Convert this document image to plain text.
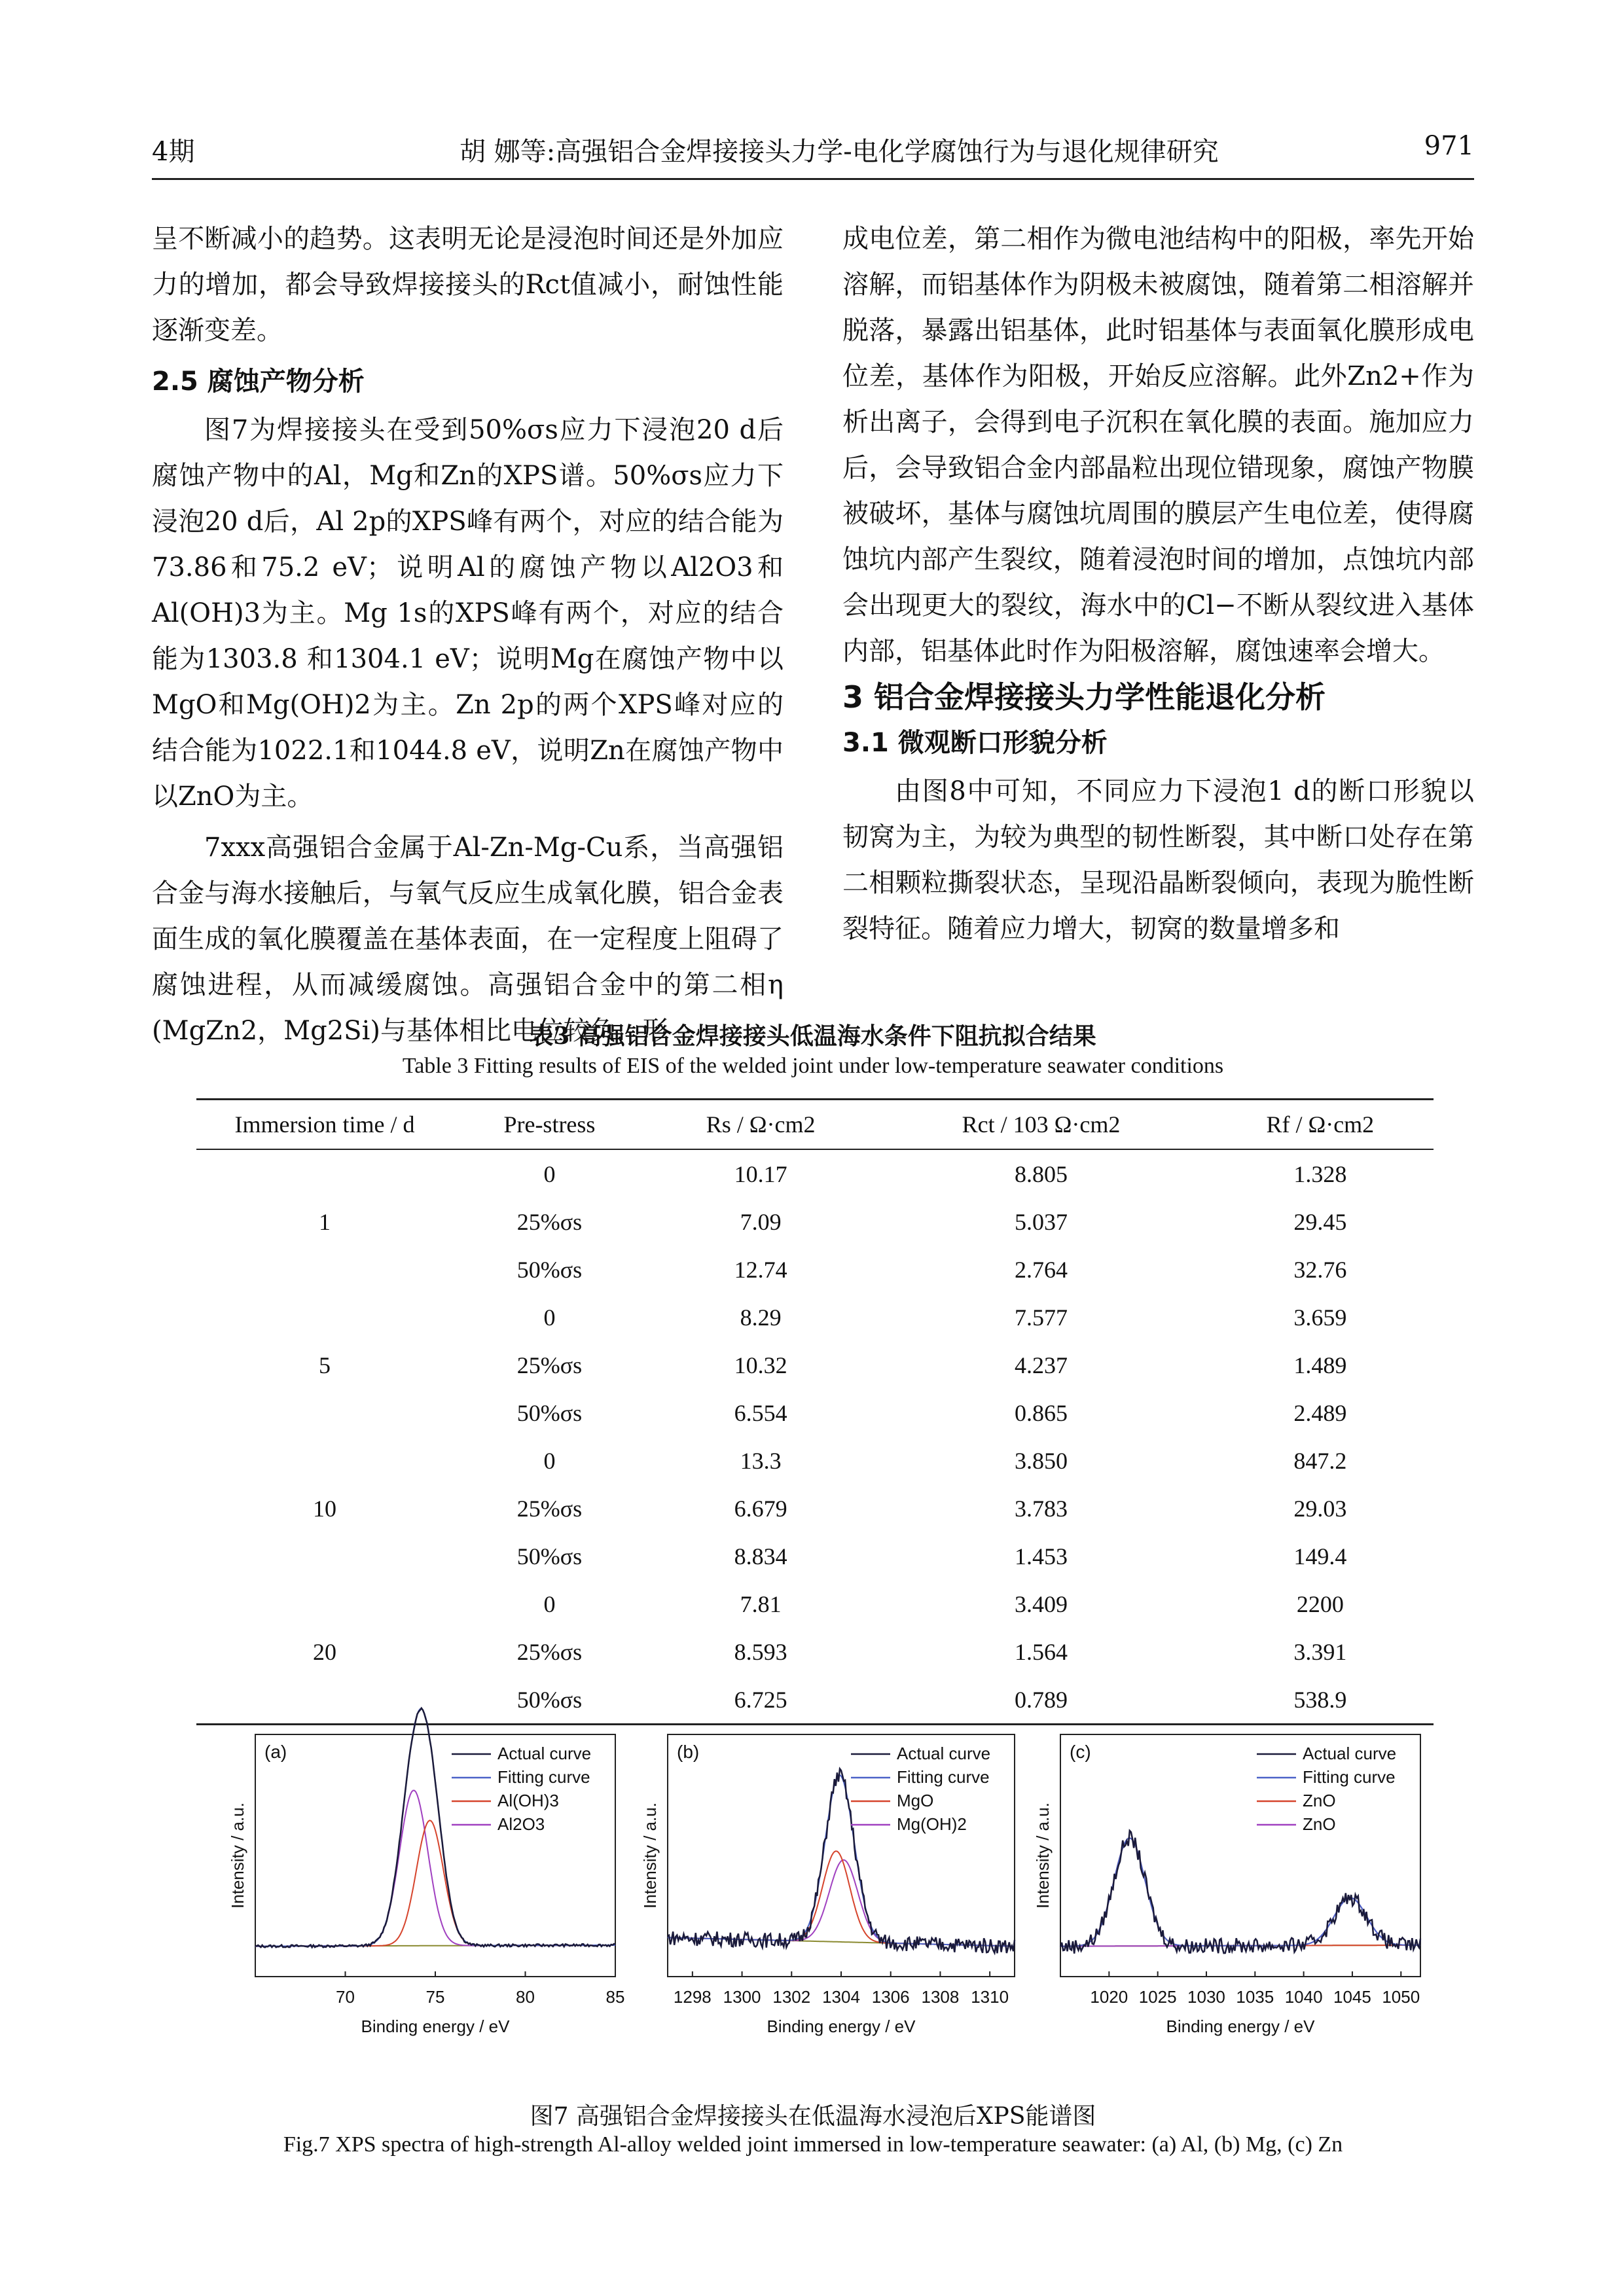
4期	胡 娜等:高强铝合金焊接接头力学-电化学腐蚀行为与退化规律研究	971

呈不断减小的趋势。这表明无论是浸泡时间还是外加应力的增加，都会导致焊接接头的Rct值减小，耐蚀性能逐渐变差。

2.5 腐蚀产物分析

图7为焊接接头在受到50%σs应力下浸泡20 d后腐蚀产物中的Al，Mg和Zn的XPS谱。50%σs应力下浸泡20 d后，Al 2p的XPS峰有两个，对应的结合能为73.86和75.2 eV；说明Al的腐蚀产物以Al2O3和Al(OH)3为主。Mg 1s的XPS峰有两个，对应的结合能为1303.8 和1304.1 eV；说明Mg在腐蚀产物中以MgO和Mg(OH)2为主。Zn 2p的两个XPS峰对应的结合能为1022.1和1044.8 eV，说明Zn在腐蚀产物中以ZnO为主。

7xxx高强铝合金属于Al-Zn-Mg-Cu系，当高强铝合金与海水接触后，与氧气反应生成氧化膜，铝合金表面生成的氧化膜覆盖在基体表面，在一定程度上阻碍了腐蚀进程，从而减缓腐蚀。高强铝合金中的第二相η (MgZn2，Mg2Si)与基体相比电位较负，形

成电位差，第二相作为微电池结构中的阳极，率先开始溶解，而铝基体作为阴极未被腐蚀，随着第二相溶解并脱落，暴露出铝基体，此时铝基体与表面氧化膜形成电位差，基体作为阳极，开始反应溶解。此外Zn2+作为析出离子，会得到电子沉积在氧化膜的表面。施加应力后，会导致铝合金内部晶粒出现位错现象，腐蚀产物膜被破坏，基体与腐蚀坑周围的膜层产生电位差，使得腐蚀坑内部产生裂纹，随着浸泡时间的增加，点蚀坑内部会出现更大的裂纹，海水中的Cl−不断从裂纹进入基体内部，铝基体此时作为阳极溶解，腐蚀速率会增大。

3 铝合金焊接接头力学性能退化分析

3.1 微观断口形貌分析

由图8中可知，不同应力下浸泡1 d的断口形貌以韧窝为主，为较为典型的韧性断裂，其中断口处存在第二相颗粒撕裂状态，呈现沿晶断裂倾向，表现为脆性断裂特征。随着应力增大，韧窝的数量增多和

表3 高强铝合金焊接接头低温海水条件下阻抗拟合结果
Table 3 Fitting results of EIS of the welded joint under low-temperature seawater conditions
Immersion time / d	Pre-stress	Rs / Ω·cm2	Rct / 103 Ω·cm2	Rf / Ω·cm2
	0	10.17	8.805	1.328
1	25%σs	7.09	5.037	29.45
	50%σs	12.74	2.764	32.76
	0	8.29	7.577	3.659
5	25%σs	10.32	4.237	1.489
	50%σs	6.554	0.865	2.489
	0	13.3	3.850	847.2
10	25%σs	6.679	3.783	29.03
	50%σs	8.834	1.453	149.4
	0	7.81	3.409	2200
20	25%σs	8.593	1.564	3.391
	50%σs	6.725	0.789	538.9
70	75	80	85
(a)	Actual curve
Fitting curve
Al(OH)3
Al2O3
Binding energy / eV
Intensity / a.u.
1298 1300 1302 1304 1306 1308 1310
(b)	Actual curve
Fitting curve
MgO
Mg(OH)2
Binding energy / eV
Intensity / a.u.
1020 1025 1030 1035 1040 1045 1050
(c)	Actual curve
Fitting curve
ZnO
ZnO
Binding energy / eV
Intensity / a.u.
图7 高强铝合金焊接接头在低温海水浸泡后XPS能谱图
Fig.7 XPS spectra of high-strength Al-alloy welded joint immersed in low-temperature seawater: (a) Al, (b) Mg, (c) Zn
